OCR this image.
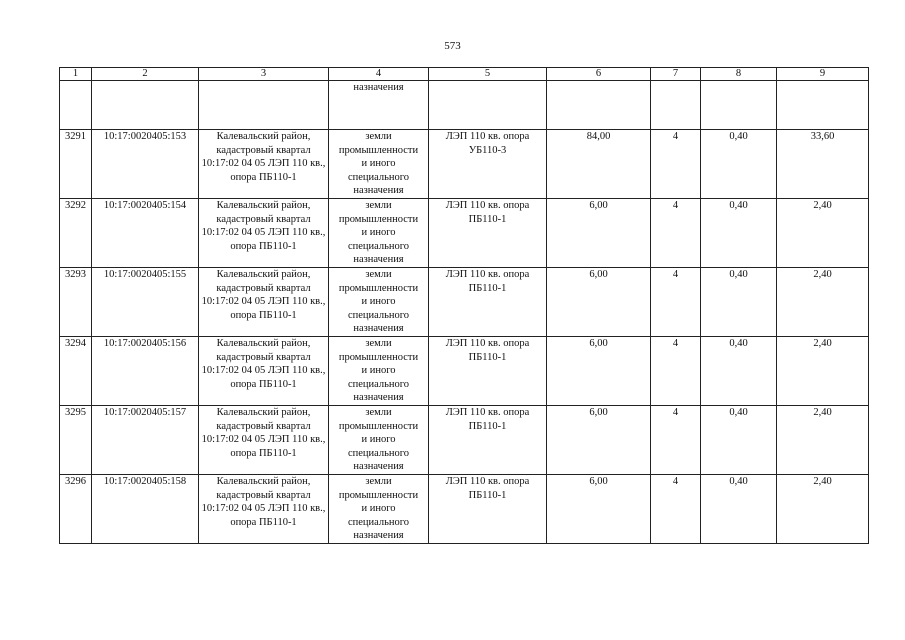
573
1	2	3	4	5	6	7	8	9
			назначения					
3291	10:17:0020405:153	Калевальский район, кадастровый квартал 10:17:02 04 05 ЛЭП 110 кв., опора ПБ110-1	земли
промышленности
и иного
специального
назначения	ЛЭП 110 кв. опора УБ110-3	84,00	4	0,40	33,60
3292	10:17:0020405:154	Калевальский район, кадастровый квартал 10:17:02 04 05 ЛЭП 110 кв., опора ПБ110-1	земли
промышленности
и иного
специального
назначения	ЛЭП 110 кв. опора ПБ110-1	6,00	4	0,40	2,40
3293	10:17:0020405:155	Калевальский район, кадастровый квартал 10:17:02 04 05 ЛЭП 110 кв., опора ПБ110-1	земли
промышленности
и иного
специального
назначения	ЛЭП 110 кв. опора ПБ110-1	6,00	4	0,40	2,40
3294	10:17:0020405:156	Калевальский район, кадастровый квартал 10:17:02 04 05 ЛЭП 110 кв., опора ПБ110-1	земли
промышленности
и иного
специального
назначения	ЛЭП 110 кв. опора ПБ110-1	6,00	4	0,40	2,40
3295	10:17:0020405:157	Калевальский район, кадастровый квартал 10:17:02 04 05 ЛЭП 110 кв., опора ПБ110-1	земли
промышленности
и иного
специального
назначения	ЛЭП 110 кв. опора ПБ110-1	6,00	4	0,40	2,40
3296	10:17:0020405:158	Калевальский район, кадастровый квартал 10:17:02 04 05 ЛЭП 110 кв., опора ПБ110-1	земли
промышленности
и иного
специального
назначения	ЛЭП 110 кв. опора ПБ110-1	6,00	4	0,40	2,40
